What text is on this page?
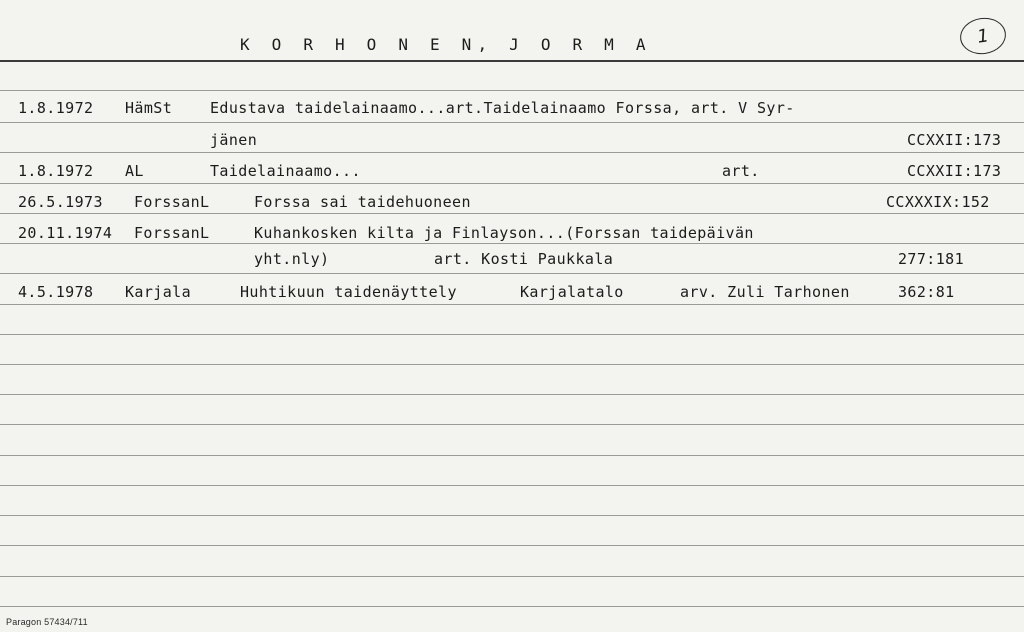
K O R H O N E N, J O R M A	1
1.8.1972 HämSt	Edustava taidelainaamo...art.Taidelainaamo Forssa, art. V Syr-
jänen	CCXXII:173
1.8.1972 AL	Taidelainaamo...	art.	CCXXII:173
26.5.1973 ForssanL	Forssa sai taidehuoneen	CCXXXIX:152
20.11.1974 ForssanL	Kuhankosken kilta ja Finlayson...(Forssan taidepäivän
yht.nly)	art. Kosti Paukkala	277:181
4.5.1978 Karjala	Huhtikuun taidenäyttely	Karjalatalo	arv. Zuli Tarhonen	362:81
Paragon 57434/711
